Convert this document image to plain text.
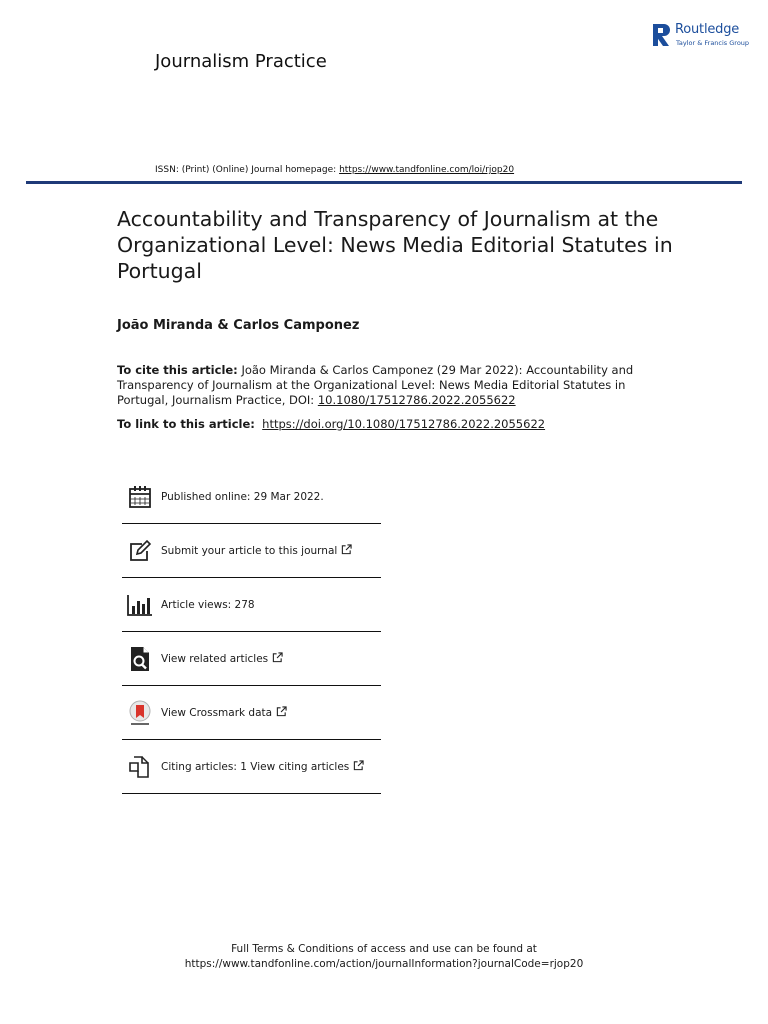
Journalism Practice
Routledge
Taylor & Francis Group
ISSN: (Print) (Online) Journal homepage: https://www.tandfonline.com/loi/rjop20
Accountability and Transparency of Journalism at the Organizational Level: News Media Editorial Statutes in Portugal
João Miranda & Carlos Camponez
To cite this article: João Miranda & Carlos Camponez (29 Mar 2022): Accountability and Transparency of Journalism at the Organizational Level: News Media Editorial Statutes in Portugal, Journalism Practice, DOI: 10.1080/17512786.2022.2055622
To link to this article: https://doi.org/10.1080/17512786.2022.2055622
Published online: 29 Mar 2022.
Submit your article to this journal
Article views: 278
View related articles
View Crossmark data
Citing articles: 1 View citing articles
Full Terms & Conditions of access and use can be found at
https://www.tandfonline.com/action/journalInformation?journalCode=rjop20
